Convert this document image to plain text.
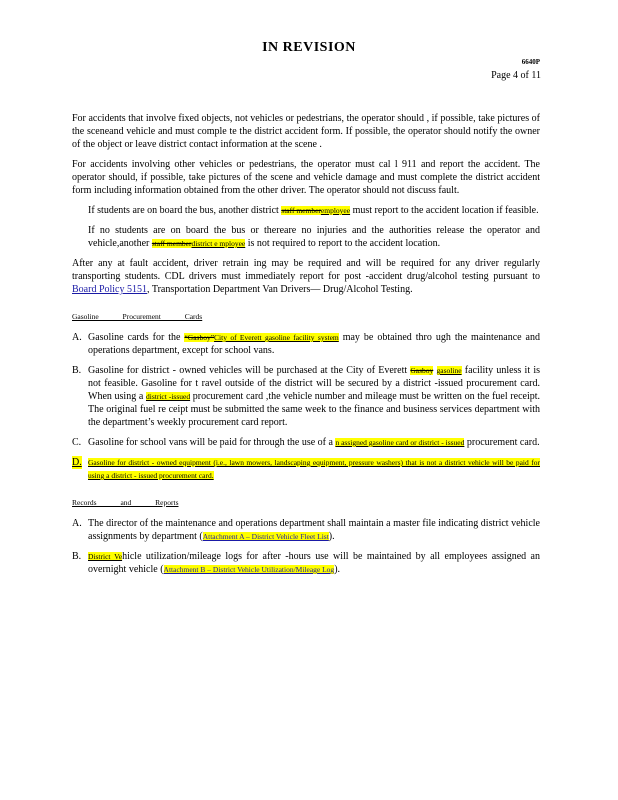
IN REVISION
6640P
Page 4 of 11

For accidents that involve fixed objects, not vehicles or pedestrians, the operator should , if possible, take pictures of the sceneand vehicle and must comple te the district accident form. If possible, the operator should notify the owner of the object or leave district contact information at the scene .

For accidents involving other vehicles or pedestrians, the operator must cal l 911 and report the accident. The operator should, if possible, take pictures of the scene and vehicle damage and must complete the district accident form including information obtained from the other driver. The operator should not discuss fault.

If students are on board the bus, another district staff memberemployee must report to the accident location if feasible.
If no students are on board the bus or thereare no injuries and the authorities release the operator and vehicle,another staff memberdistrict e mployee is not required to report to the accident location.

After any at fault accident, driver retrain ing may be required and will be required for any driver regularly transporting students. CDL drivers must immediately report for post -accident drug/alcohol testing pursuant to Board Policy 5151, Transportation Department Van Drivers— Drug/Alcohol Testing.

Gasoline Procurement Cards
A. Gasoline cards for the “Gasboy”City of Everett gasoline facility system may be obtained thro ugh the maintenance and operations department, except for school vans.
B. Gasoline for district - owned vehicles will be purchased at the City of Everett Gasboy gasoline facility unless it is not feasible. Gasoline for t ravel outside of the district will be secured by a district -issued procurement card. When using a district -issued procurement card ,the vehicle number and mileage must be written on the fuel receipt. The original fuel re ceipt must be submitted the same week to the finance and business services department with the department’s weekly procurement card report.
C. Gasoline for school vans will be paid for through the use of a n assigned gasoline card or district - issued procurement card.
D. Gasoline for district - owned equipment (i.e., lawn mowers, landscaping equipment, pressure washers) that is not a district vehicle will be paid for using a district - issued procurement card.
Records and Reports
A. The director of the maintenance and operations department shall maintain a master file indicating district vehicle assignments by department (Attachment A – District Vehicle Fleet List).
B. District Vehicle utilization/mileage logs for after -hours use will be maintained by all employees assigned an overnight vehicle (Attachment B – District Vehicle Utilization/Mileage Log).
